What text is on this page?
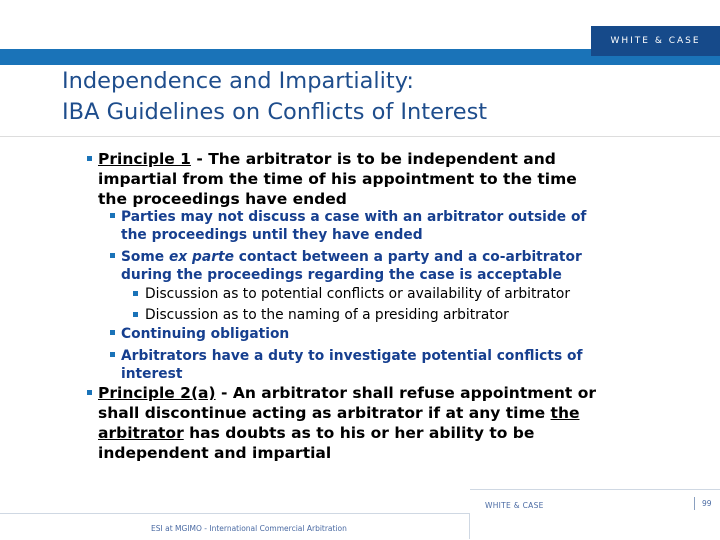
WHITE & CASE
Independence and Impartiality:
IBA Guidelines on Conflicts of Interest
Principle 1 - The arbitrator is to be independent and
impartial from the time of his appointment to the time
the proceedings have ended
Parties may not discuss a case with an arbitrator outside of
the proceedings until they have ended
Some ex parte contact between a party and a co-arbitrator
during the proceedings regarding the case is acceptable
Discussion as to potential conflicts or availability of arbitrator
Discussion as to the naming of a presiding arbitrator
Continuing obligation
Arbitrators have a duty to investigate potential conflicts of
interest
Principle 2(a) - An arbitrator shall refuse appointment or
shall discontinue acting as arbitrator if at any time the
arbitrator has doubts as to his or her ability to be
independent and impartial
WHITE & CASE	99
ESI at MGIMO - International Commercial Arbitration
